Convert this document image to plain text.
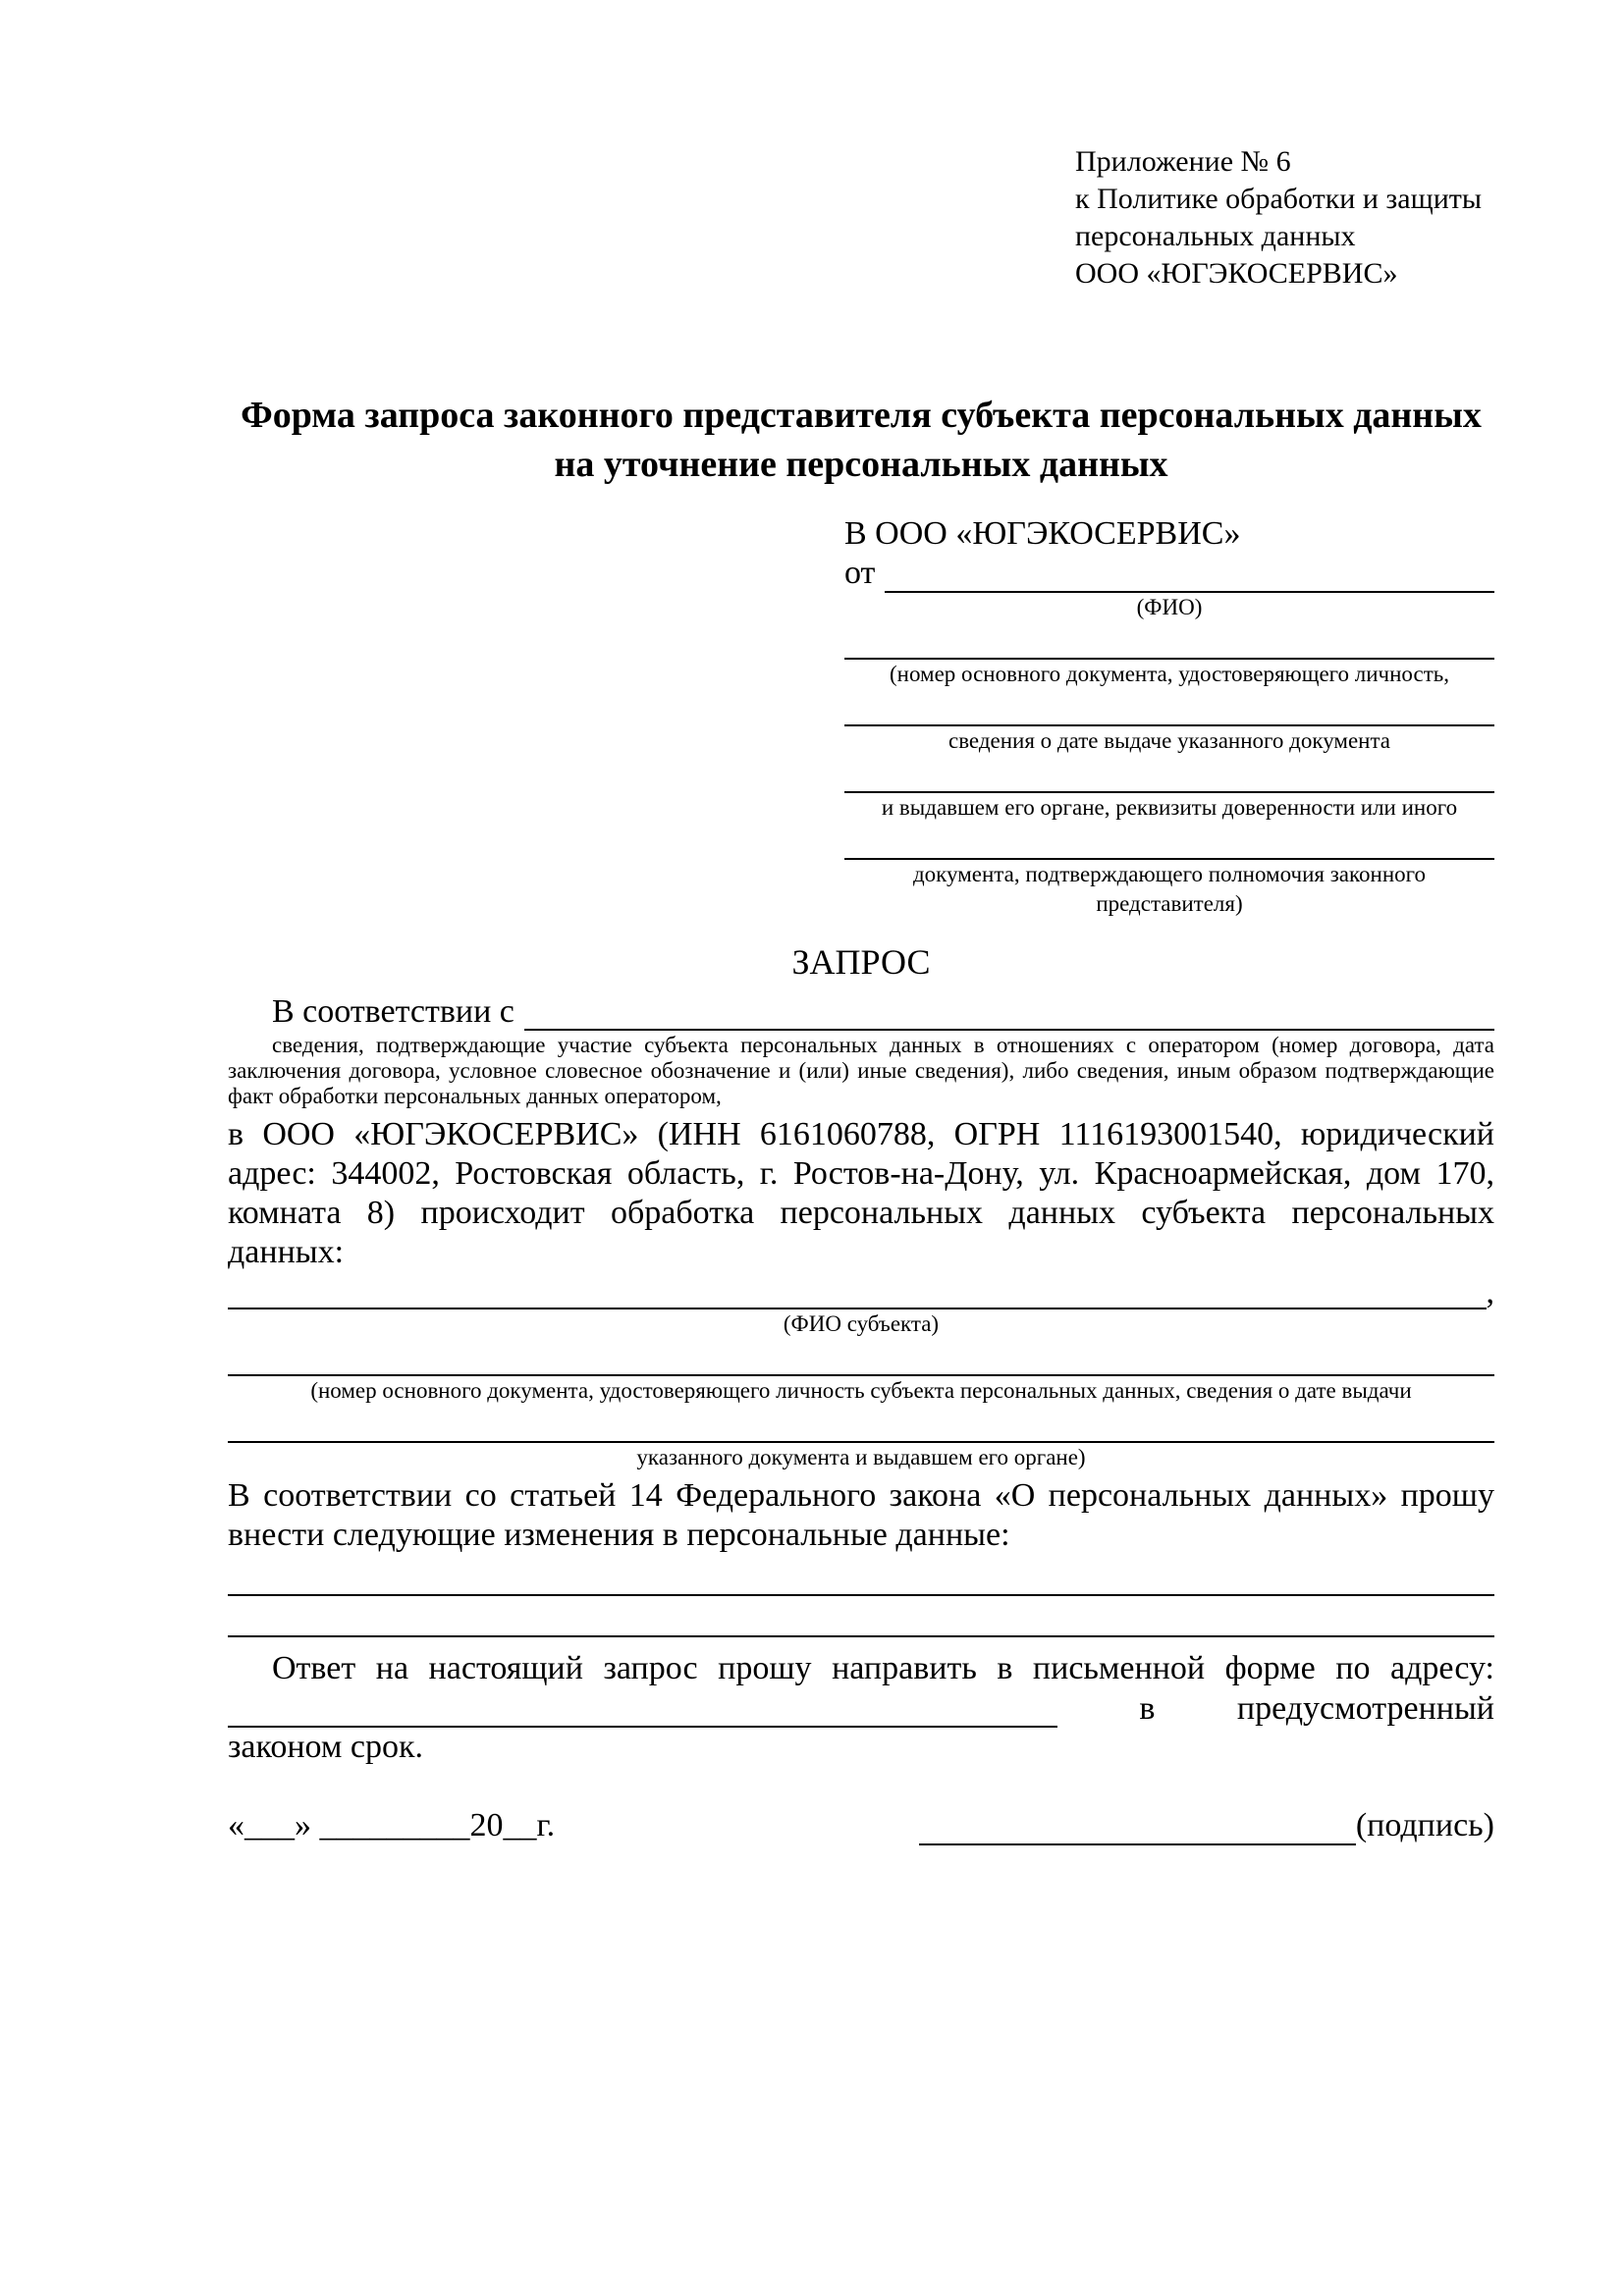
Приложение № 6
к Политике обработки и защиты
персональных данных
ООО «ЮГЭКОСЕРВИС»
Форма запроса законного представителя субъекта персональных данных
на уточнение персональных данных
В ООО «ЮГЭКОСЕРВИС»
от
(ФИО)
(номер основного документа, удостоверяющего личность,
сведения о дате выдаче указанного документа
и выдавшем его органе, реквизиты доверенности или иного
документа, подтверждающего полномочия законного представителя)
ЗАПРОС
В соответствии с
сведения, подтверждающие участие субъекта персональных данных в отношениях с оператором (номер договора, дата заключения договора, условное словесное обозначение и (или) иные сведения), либо сведения, иным образом подтверждающие факт обработки персональных данных оператором,
в ООО «ЮГЭКОСЕРВИС» (ИНН 6161060788, ОГРН 1116193001540, юридический адрес: 344002, Ростовская область, г. Ростов-на-Дону, ул. Красноармейская, дом 170, комната 8) происходит обработка персональных данных субъекта персональных данных:
,
(ФИО субъекта)
(номер основного документа, удостоверяющего личность субъекта персональных данных, сведения о дате выдачи
указанного документа и выдавшем его органе)
В соответствии со статьей 14 Федерального закона «О персональных данных» прошу внести следующие изменения в персональные данные:
Ответ на настоящий запрос прошу направить в письменной форме по адресу:
в предусмотренный
законом срок.
«___» _________20__г.	(подпись)
